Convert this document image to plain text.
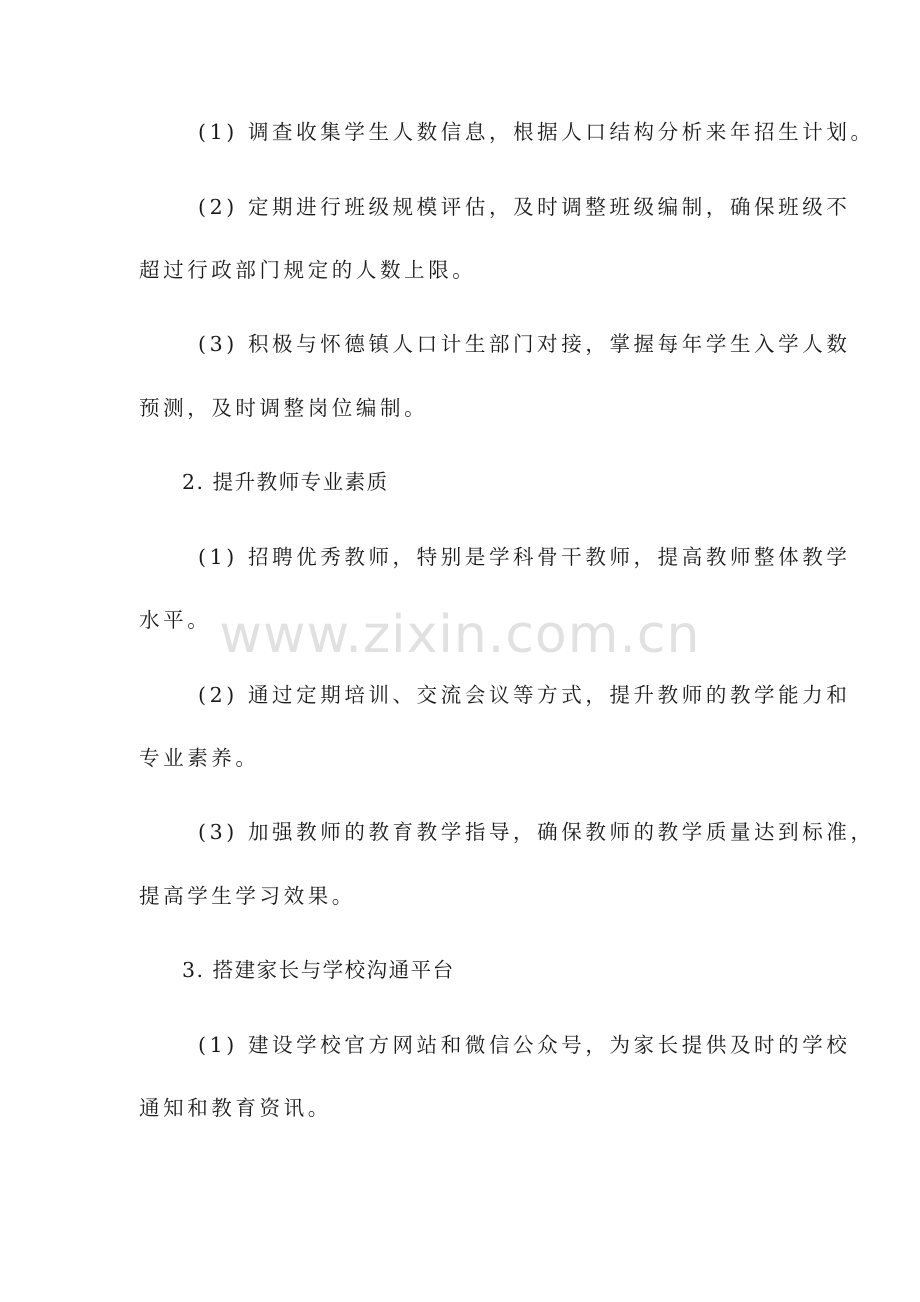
(1) 调查收集学生人数信息，根据人口结构分析来年招生计划。
(2) 定期进行班级规模评估，及时调整班级编制，确保班级不
超过行政部门规定的人数上限。
(3) 积极与怀德镇人口计生部门对接，掌握每年学生入学人数
预测，及时调整岗位编制。
2. 提升教师专业素质
(1) 招聘优秀教师，特别是学科骨干教师，提高教师整体教学
水平。
(2) 通过定期培训、交流会议等方式，提升教师的教学能力和
专业素养。
(3) 加强教师的教育教学指导，确保教师的教学质量达到标准，
提高学生学习效果。
3. 搭建家长与学校沟通平台
(1) 建设学校官方网站和微信公众号，为家长提供及时的学校
通知和教育资讯。
www.zixin.com.cn
